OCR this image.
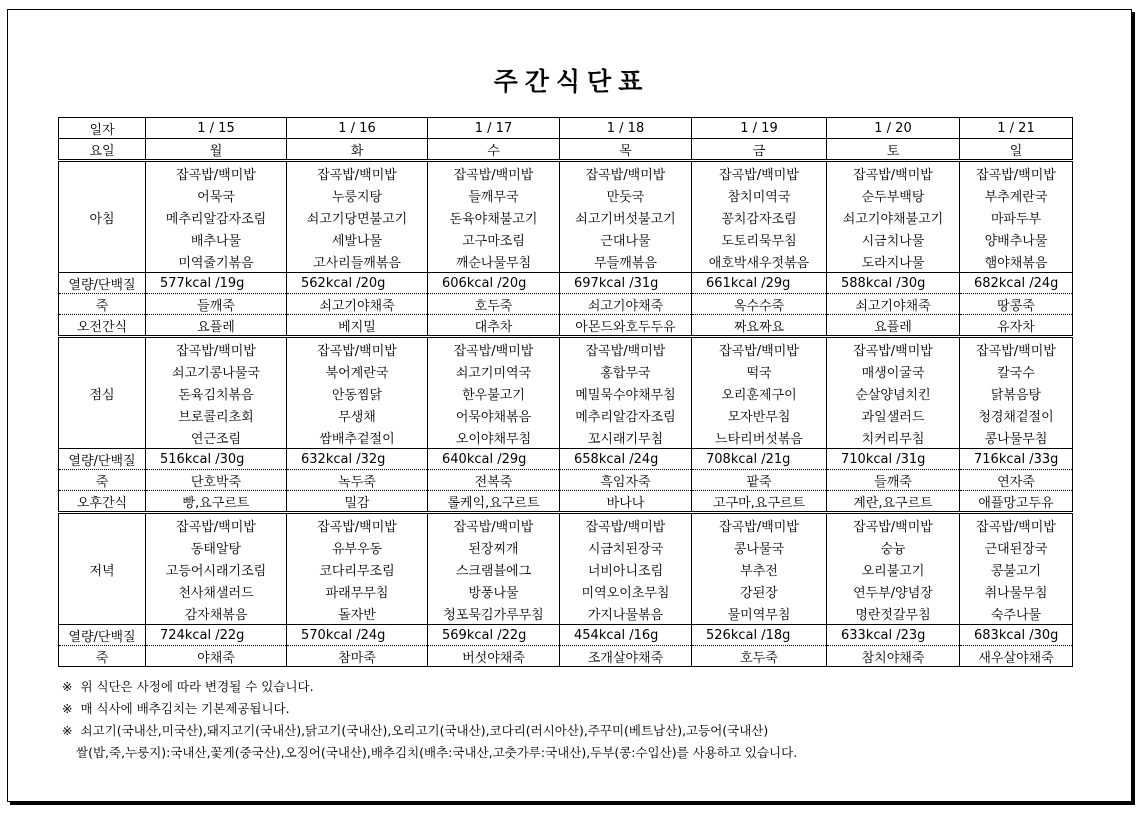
주간식단표
일자	1 / 15	1 / 16	1 / 17	1 / 18	1 / 19	1 / 20	1 / 21
요일	월	화	수	목	금	토	일
아침	잡곡밥/백미밥	잡곡밥/백미밥	잡곡밥/백미밥	잡곡밥/백미밥	잡곡밥/백미밥	잡곡밥/백미밥	잡곡밥/백미밥
	어묵국	누룽지탕	들깨무국	만둣국	참치미역국	순두부백탕	부추계란국
	메추리알감자조림	쇠고기당면불고기	돈육야채불고기	쇠고기버섯불고기	꽁치감자조림	쇠고기야채불고기	마파두부
	배추나물	세발나물	고구마조림	근대나물	도토리묵무침	시금치나물	양배추나물
	미역줄기볶음	고사리들깨볶음	깨순나물무침	무들깨볶음	애호박새우젓볶음	도라지나물	햄야채볶음
열량/단백질	577kcal /19g	562kcal /20g	606kcal /20g	697kcal /31g	661kcal /29g	588kcal /30g	682kcal /24g
죽	들깨죽	쇠고기야채죽	호두죽	쇠고기야채죽	옥수수죽	쇠고기야채죽	땅콩죽
오전간식	요플레	베지밀	대추차	아몬드와호두두유	짜요짜요	요플레	유자차
점심	잡곡밥/백미밥	잡곡밥/백미밥	잡곡밥/백미밥	잡곡밥/백미밥	잡곡밥/백미밥	잡곡밥/백미밥	잡곡밥/백미밥
	쇠고기콩나물국	북어계란국	쇠고기미역국	홍합무국	떡국	매생이굴국	칼국수
	돈육김치볶음	안동찜닭	한우불고기	메밀묵수야채무침	오리훈제구이	순살양념치킨	닭볶음탕
	브로콜리초회	무생채	어묵야채볶음	메추리알감자조림	모자반무침	과일샐러드	청경채겉절이
	연근조림	쌈배추겉절이	오이야채무침	꼬시래기무침	느타리버섯볶음	치커리무침	콩나물무침
열량/단백질	516kcal /30g	632kcal /32g	640kcal /29g	658kcal /24g	708kcal /21g	710kcal /31g	716kcal /33g
죽	단호박죽	녹두죽	전복죽	흑임자죽	팥죽	들깨죽	연자죽
오후간식	빵,요구르트	밀감	롤케익,요구르트	바나나	고구마,요구르트	계란,요구르트	애플망고두유
저녁	잡곡밥/백미밥	잡곡밥/백미밥	잡곡밥/백미밥	잡곡밥/백미밥	잡곡밥/백미밥	잡곡밥/백미밥	잡곡밥/백미밥
	동태알탕	유부우동	된장찌개	시금치된장국	콩나물국	숭늉	근대된장국
	고등어시래기조림	코다리무조림	스크램블에그	너비아니조림	부추전	오리불고기	콩불고기
	천사채샐러드	파래무무침	방풍나물	미역오이초무침	강된장	연두부/양념장	취나물무침
	감자채볶음	돌자반	청포묵김가루무침	가지나물볶음	물미역무침	명란젓갈무침	숙주나물
열량/단백질	724kcal /22g	570kcal /24g	569kcal /22g	454kcal /16g	526kcal /18g	633kcal /23g	683kcal /30g
죽	야채죽	참마죽	버섯야채죽	조개살야채죽	호두죽	참치야채죽	새우살야채죽
※ 위 식단은 사정에 따라 변경될 수 있습니다.
※ 매 식사에 배추김치는 기본제공됩니다.
※ 쇠고기(국내산,미국산),돼지고기(국내산),닭고기(국내산),오리고기(국내산),코다리(러시아산),주꾸미(베트남산),고등어(국내산)
쌀(밥,죽,누룽지):국내산,꽃게(중국산),오징어(국내산),배추김치(배추:국내산,고춧가루:국내산),두부(콩:수입산)를 사용하고 있습니다.
